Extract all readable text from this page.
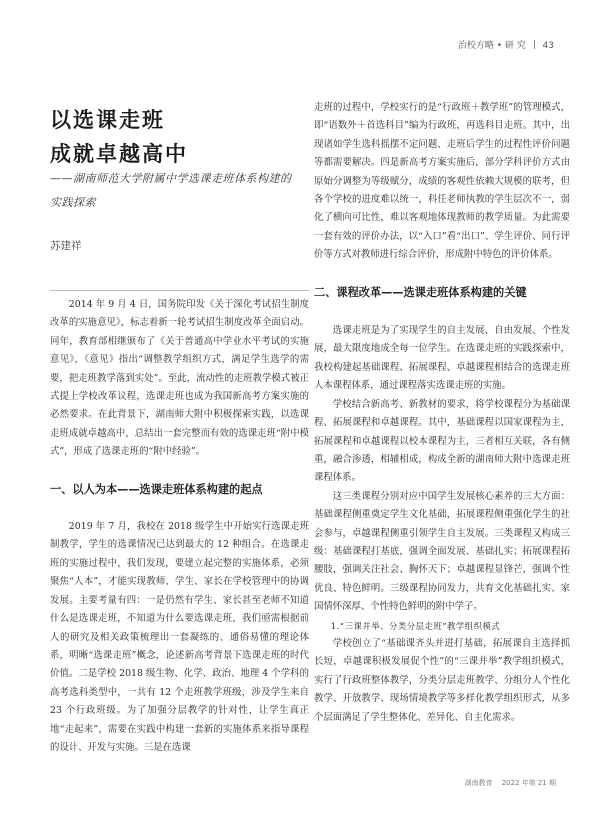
治校方略 • 研 究 43
以选课走班
成就卓越高中
——湖南师范大学附属中学选课走班体系构建的实践探索
苏建祥

2014 年 9 月 4 日，国务院印发《关于深化考试招生制度改革的实施意见》，标志着新一轮考试招生制度改革全面启动。同年，教育部相继颁布了《关于普通高中学业水平考试的实施意见》，《意见》指出“调整教学组织方式，满足学生选学的需要，把走班教学落到实处”。至此，流动性的走班教学模式被正式提上学校改革议程，选课走班也成为我国新高考方案实施的必然要求。在此背景下，湖南师大附中积极探索实践，以选课走班成就卓越高中，总结出一套完整而有效的选课走班“附中模式”，形成了选课走班的“附中经验”。

一、以人为本——选课走班体系构建的起点

2019 年 7 月，我校在 2018 级学生中开始实行选课走班制教学，学生的选课情况已达到最大的 12 种组合。在选课走班的实施过程中，我们发现，要建立起完整的实施体系，必须聚焦“人本”，才能实现教师、学生、家长在学校管理中的协调发展。主要考量有四：一是仍然有学生、家长甚至老师不知道什么是选课走班，不知道为什么要选课走班，我们亟需根据前人的研究及相关政策梳理出一套凝练的、通俗易懂的理论体系，明晰“选课走班”概念，论述新高考背景下选课走班的时代价值。二是学校 2018 级生物、化学、政治、地理 4 个学科的高考选科类型中，一共有 12 个走班教学班级，涉及学生来自 23 个行政班级。为了加强分层教学的针对性，让学生真正地“走起来”，需要在实践中构建一套新的实施体系来指导课程的设计、开发与实施。三是在选课

走班的过程中，学校实行的是“行政班＋教学班”的管理模式，即“语数外＋首选科目”编为行政班，再选科目走班。其中，出现诸如学生选科摇摆不定问题、走班后学生的过程性评价问题等都需要解决。四是新高考方案实施后，部分学科评价方式由原始分调整为等级赋分，成绩的客观性依赖大规模的联考，但各个学校的进度难以统一，科任老师执教的学生层次不一，弱化了横向可比性，难以客观地体现教师的教学质量。为此需要一套有效的评价办法，以“入口”看“出口”、学生评价、同行评价等方式对教师进行综合评价，形成附中特色的评价体系。

二、课程改革——选课走班体系构建的关键

选课走班是为了实现学生的自主发展、自由发展、个性发展，最大限度地成全每一位学生。在选课走班的实践探索中，我校构建起基础课程、拓展课程、卓越课程相结合的选课走班人本课程体系，通过课程落实选课走班的实施。

学校结合新高考、新教材的要求，将学校课程分为基础课程、拓展课程和卓越课程。其中，基础课程以国家课程为主，拓展课程和卓越课程以校本课程为主，三者相互关联，各有侧重，融合渗透，相辅相成，构成全新的湖南师大附中选课走班课程体系。

这三类课程分别对应中国学生发展核心素养的三大方面：基础课程侧重奠定学生文化基础，拓展课程侧重强化学生的社会参与，卓越课程侧重引领学生自主发展。三类课程又构成三级：基础课程打基底，强调全面发展、基础扎实；拓展课程拓腰肢，强调关注社会、胸怀天下；卓越课程显锋芒，强调个性优良、特色鲜明。三级课程协同发力，共育文化基础扎实、家国情怀深厚、个性特色鲜明的附中学子。

1.“三课并举、分类分层走班”教学组织模式

学校创立了“基础课齐头并进打基础，拓展课自主选择抓长短，卓越课积极发展促个性”的“三课并举”教学组织模式，实行了行政班整体教学，分类分层走班教学、分组分人个性化教学、开放教学、现场情境教学等多样化教学组织形式，从多个层面满足了学生整体化、差异化、自主化需求。

湖南教育 2022 年第 21 期
